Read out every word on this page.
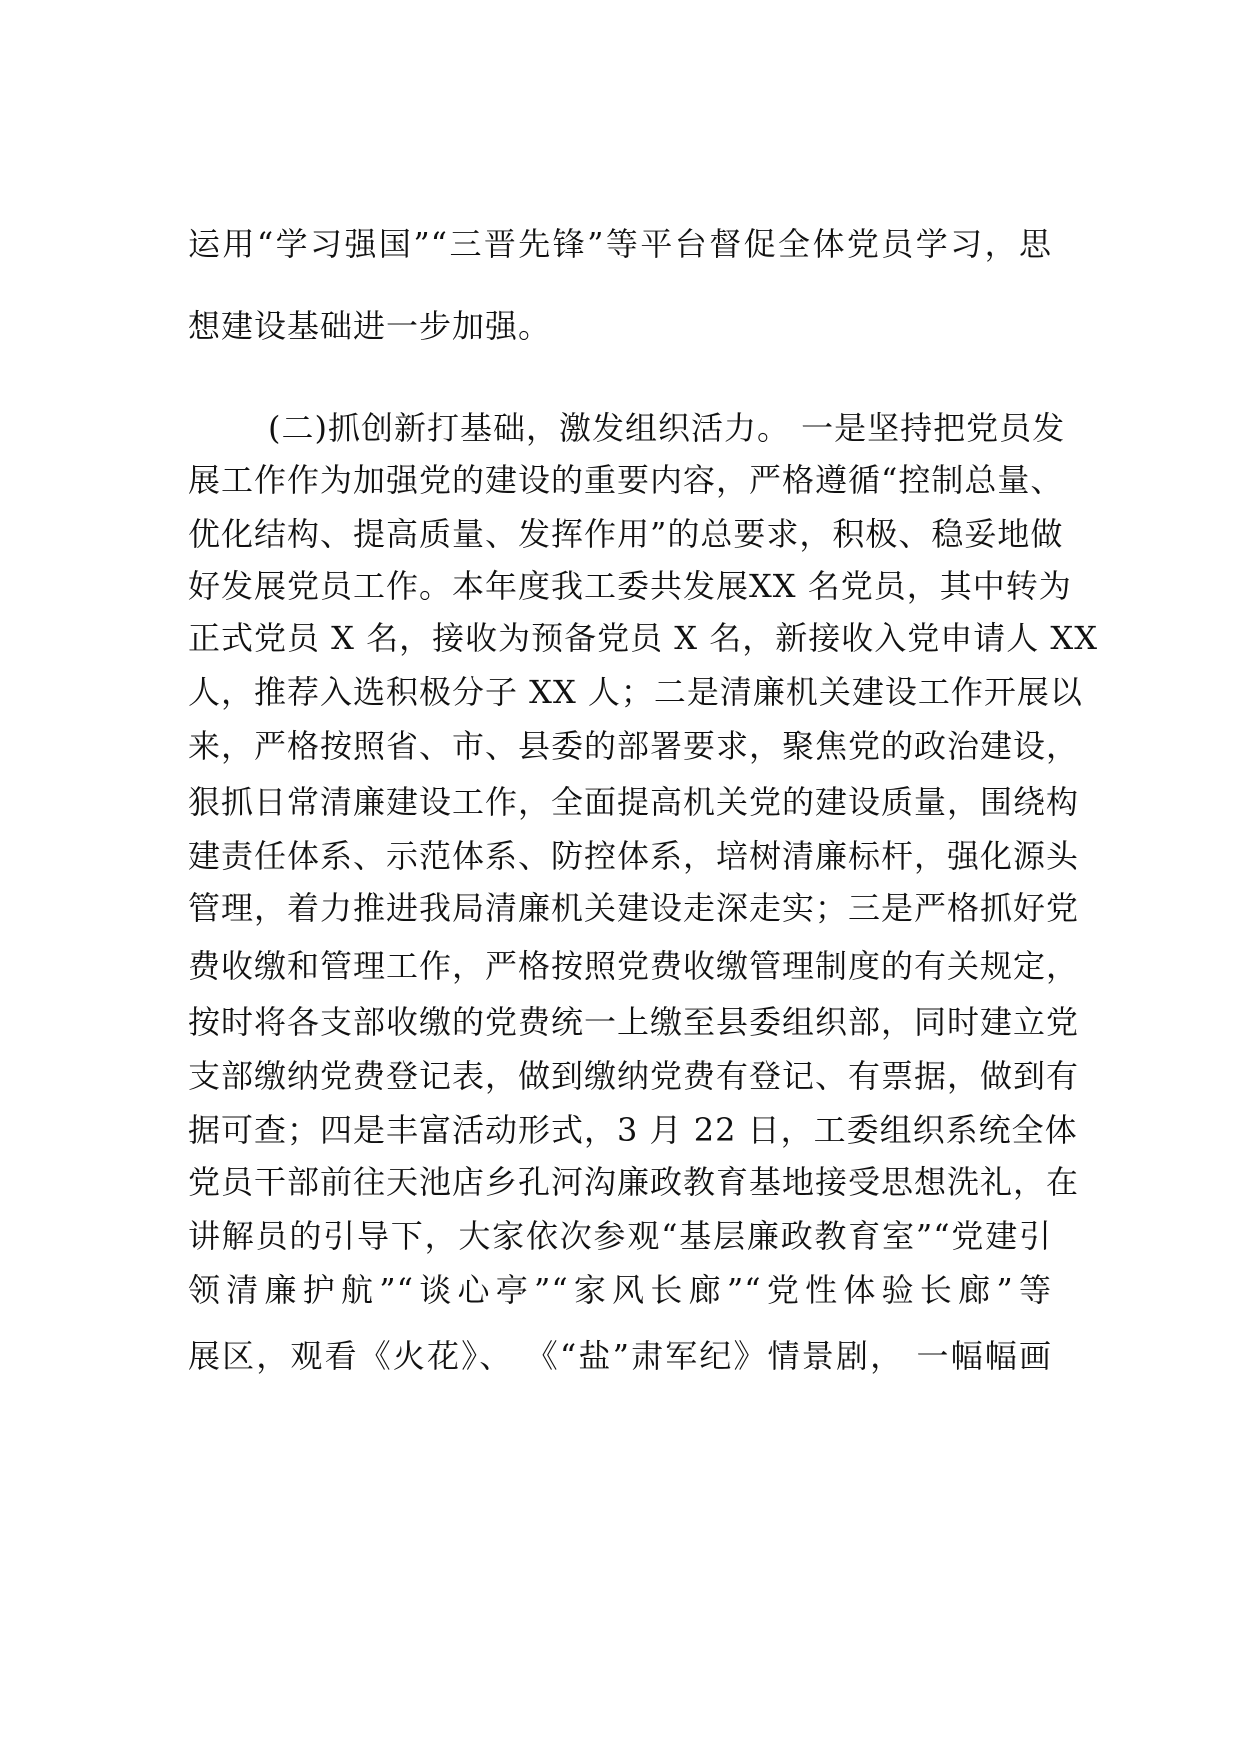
运用“学习强国”“三晋先锋”等平台督促全体党员学习，思
想建设基础进一步加强。
(二)抓创新打基础，激发组织活力。 一是坚持把党员发
展工作作为加强党的建设的重要内容，严格遵循“控制总量、
优化结构、提高质量、发挥作用”的总要求，积极、稳妥地做
好发展党员工作。本年度我工委共发展XX 名党员，其中转为
正式党员 X 名，接收为预备党员 X 名，新接收入党申请人 XX
人，推荐入选积极分子 XX 人；二是清廉机关建设工作开展以
来，严格按照省、市、县委的部署要求，聚焦党的政治建设，
狠抓日常清廉建设工作，全面提高机关党的建设质量，围绕构
建责任体系、示范体系、防控体系，培树清廉标杆，强化源头
管理，着力推进我局清廉机关建设走深走实；三是严格抓好党
费收缴和管理工作，严格按照党费收缴管理制度的有关规定，
按时将各支部收缴的党费统一上缴至县委组织部，同时建立党
支部缴纳党费登记表，做到缴纳党费有登记、有票据，做到有
据可查；四是丰富活动形式，3 月 22 日，工委组织系统全体
党员干部前往天池店乡孔河沟廉政教育基地接受思想洗礼，在
讲解员的引导下，大家依次参观“基层廉政教育室”“党建引
领清廉护航”“谈心亭”“家风长廊”“党性体验长廊”等
展区，观看《火花》、 《“盐”肃军纪》情景剧， 一幅幅画
